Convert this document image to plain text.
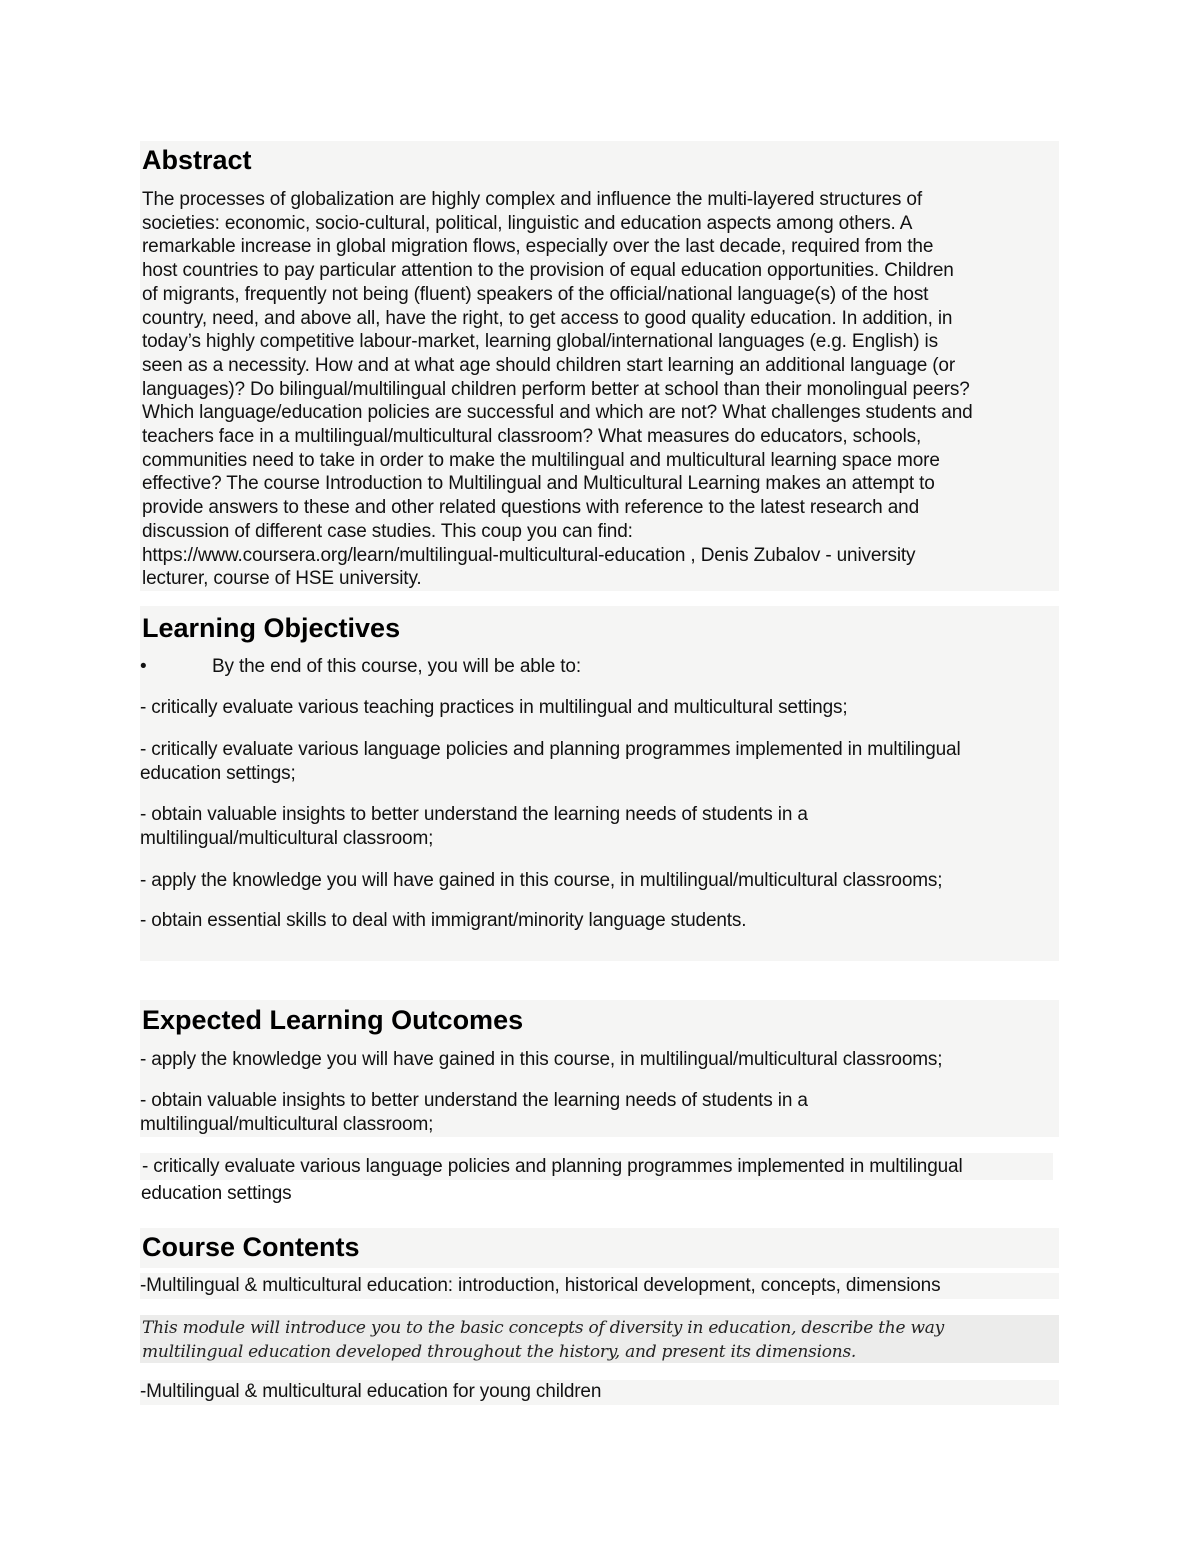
Abstract

The processes of globalization are highly complex and influence the multi-layered structures of

societies: economic, socio-cultural, political, linguistic and education aspects among others. A

remarkable increase in global migration flows, especially over the last decade, required from the

host countries to pay particular attention to the provision of equal education opportunities. Children

of migrants, frequently not being (fluent) speakers of the official/national language(s) of the host

country, need, and above all, have the right, to get access to good quality education. In addition, in

today’s highly competitive labour-market, learning global/international languages (e.g. English) is

seen as a necessity. How and at what age should children start learning an additional language (or

languages)? Do bilingual/multilingual children perform better at school than their monolingual peers?

Which language/education policies are successful and which are not? What challenges students and

teachers face in a multilingual/multicultural classroom? What measures do educators, schools,

communities need to take in order to make the multilingual and multicultural learning space more

effective? The course Introduction to Multilingual and Multicultural Learning makes an attempt to

provide answers to these and other related questions with reference to the latest research and

discussion of different case studies. This coup you can find:

https://www.coursera.org/learn/multilingual-multicultural-education , Denis Zubalov - university

lecturer, course of HSE university.

Learning Objectives
•	By the end of this course, you will be able to:

- critically evaluate various teaching practices in multilingual and multicultural settings;

- critically evaluate various language policies and planning programmes implemented in multilingual

education settings;

- obtain valuable insights to better understand the learning needs of students in a

multilingual/multicultural classroom;

- apply the knowledge you will have gained in this course, in multilingual/multicultural classrooms;

- obtain essential skills to deal with immigrant/minority language students.

Expected Learning Outcomes

- apply the knowledge you will have gained in this course, in multilingual/multicultural classrooms;

- obtain valuable insights to better understand the learning needs of students in a

multilingual/multicultural classroom;

- critically evaluate various language policies and planning programmes implemented in multilingual

education settings

Course Contents

-Multilingual & multicultural education: introduction, historical development, concepts, dimensions

This module will introduce you to the basic concepts of diversity in education, describe the way
multilingual education developed throughout the history, and present its dimensions.

-Multilingual & multicultural education for young children
